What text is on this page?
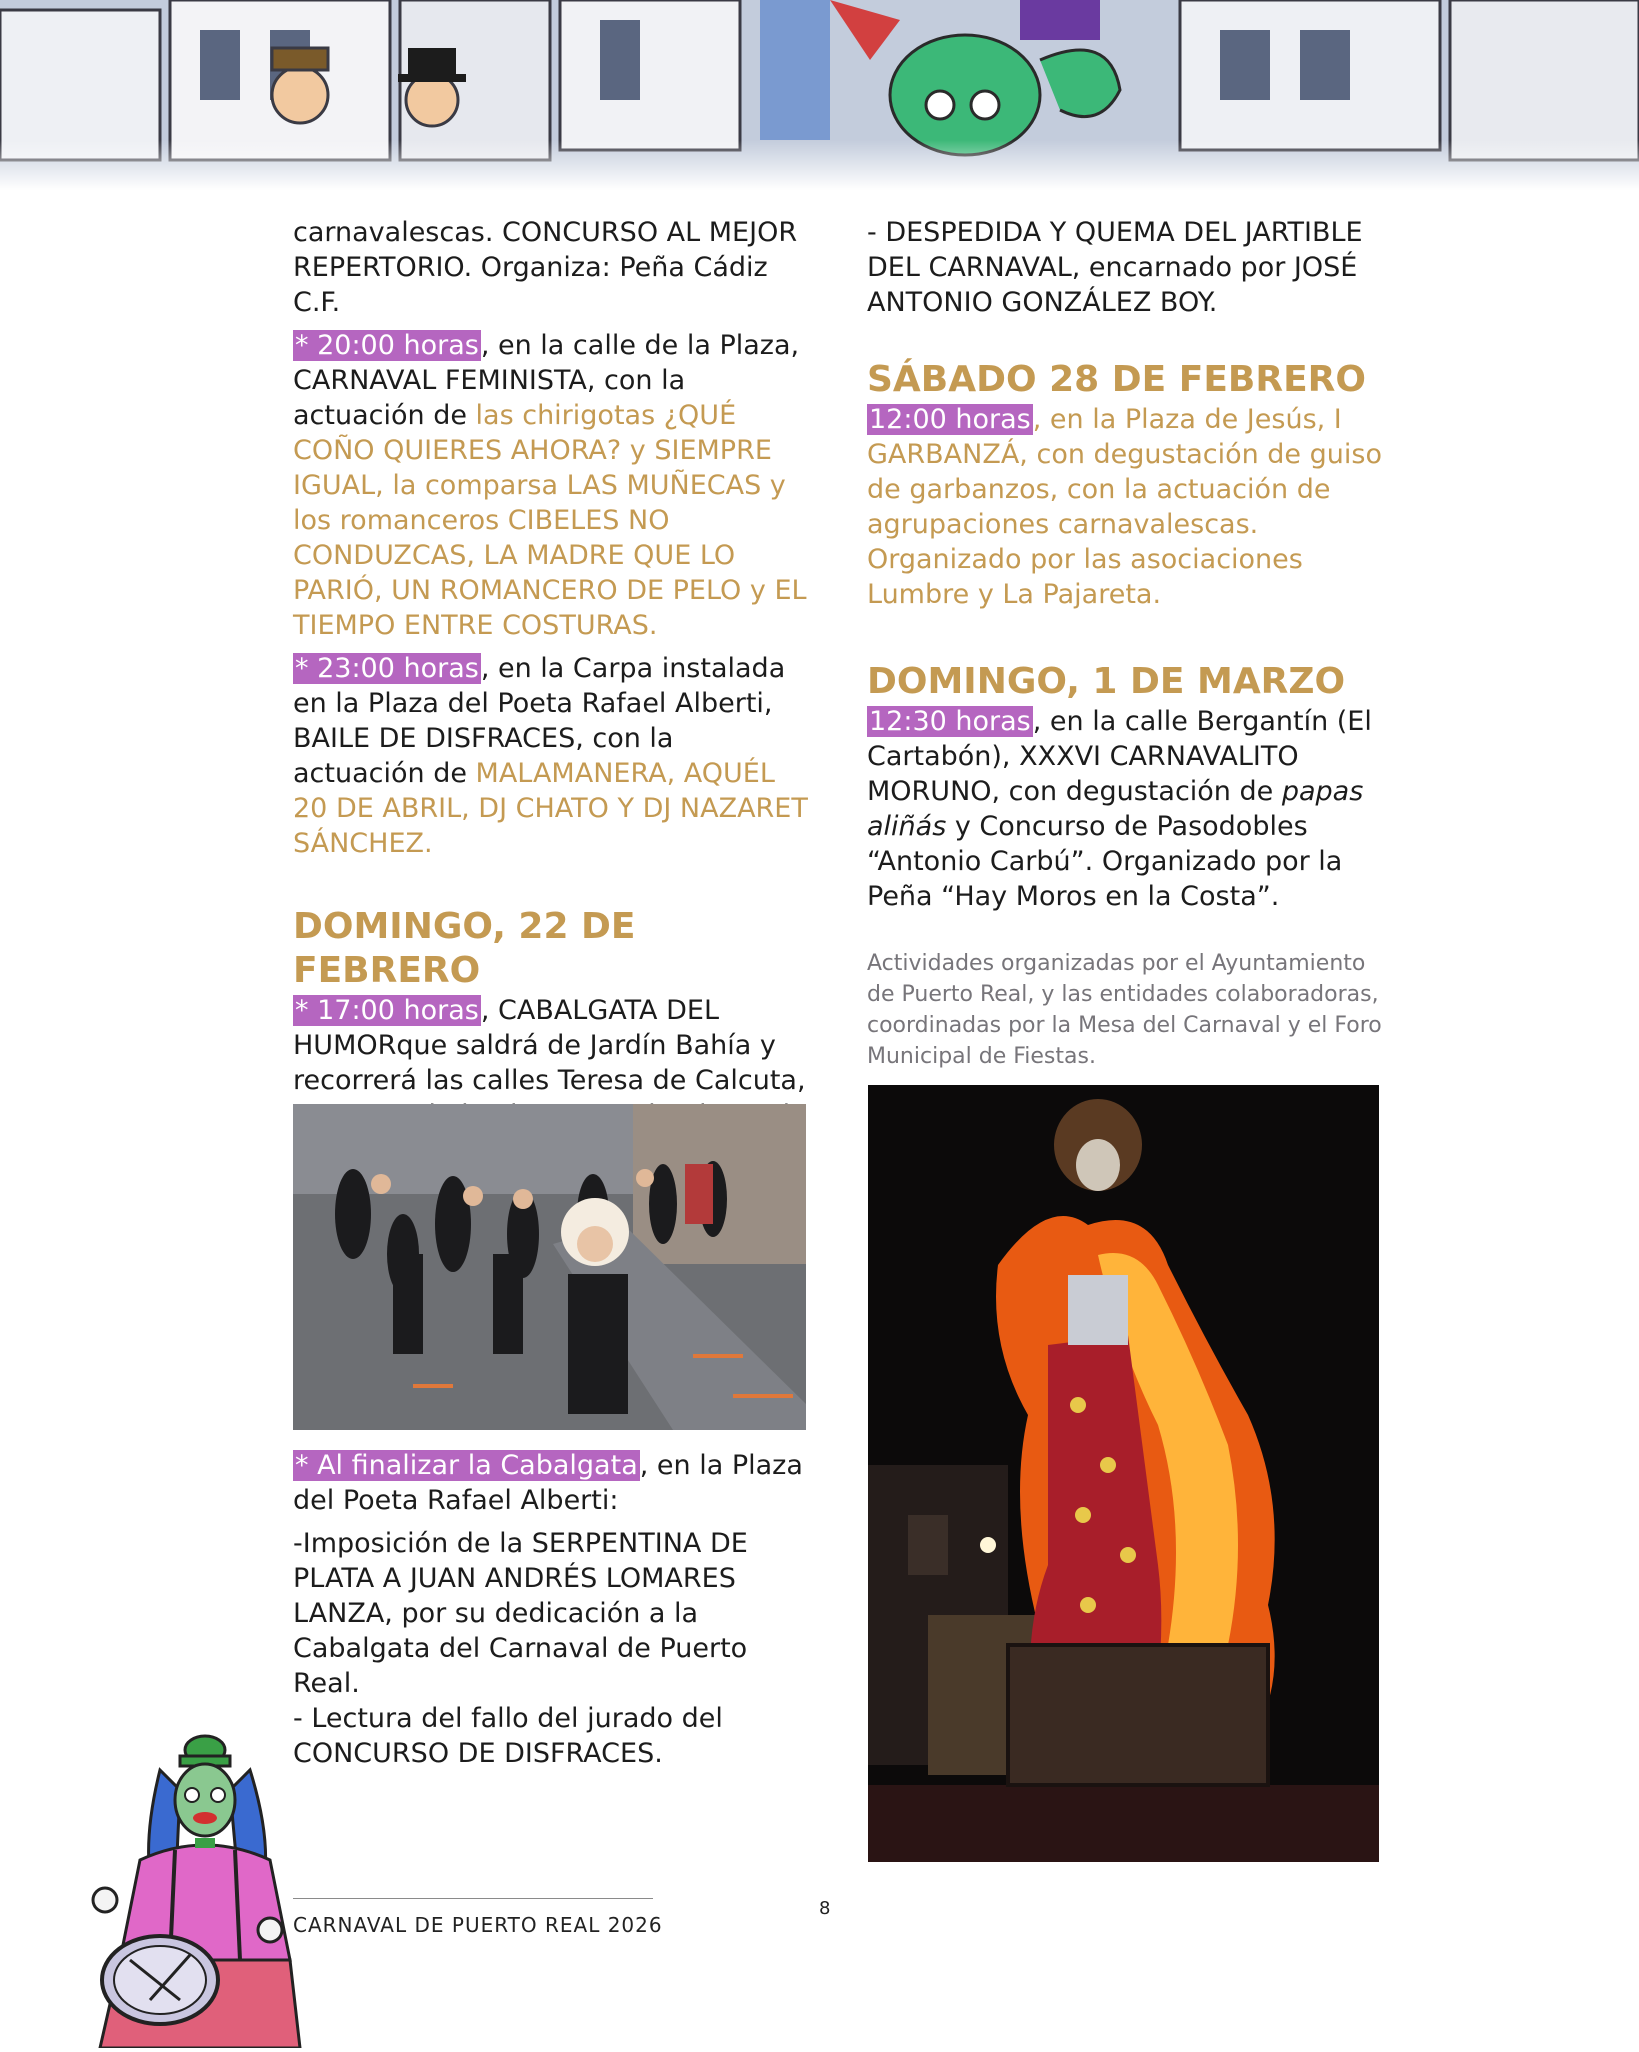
carnavalescas. CONCURSO AL MEJOR REPERTORIO. Organiza: Peña Cádiz C.F.

* 20:00 horas, en la calle de la Plaza, CARNAVAL FEMINISTA, con la actuación de las chirigotas ¿QUÉ COÑO QUIERES AHORA? y SIEMPRE IGUAL, la comparsa LAS MUÑECAS y los romanceros CIBELES NO CONDUZCAS, LA MADRE QUE LO PARIÓ, UN ROMANCERO DE PELO y EL TIEMPO ENTRE COSTURAS.

* 23:00 horas, en la Carpa instalada en la Plaza del Poeta Rafael Alberti, BAILE DE DISFRACES, con la actuación de MALAMANERA, AQUÉL 20 DE ABRIL, DJ CHATO Y DJ NAZARET SÁNCHEZ.

DOMINGO, 22 DE FEBRERO

* 17:00 horas, CABALGATA DEL HUMORque saldrá de Jardín Bahía y recorrerá las calles Teresa de Calcuta,

* Al finalizar la Cabalgata, en la Plaza del Poeta Rafael Alberti:

-Imposición de la SERPENTINA DE PLATA A JUAN ANDRÉS LOMARES LANZA, por su dedicación a la Cabalgata del Carnaval de Puerto Real.

- Lectura del fallo del jurado del CONCURSO DE DISFRACES.

- DESPEDIDA Y QUEMA DEL JARTIBLE DEL CARNAVAL, encarnado por JOSÉ ANTONIO GONZÁLEZ BOY.

SÁBADO 28 DE FEBRERO

12:00 horas, en la Plaza de Jesús, I GARBANZÁ, con degustación de guiso de garbanzos, con la actuación de agrupaciones carnavalescas. Organizado por las asociaciones Lumbre y La Pajareta.

DOMINGO, 1 DE MARZO

12:30 horas, en la calle Bergantín (El Cartabón), XXXVI CARNAVALITO MORUNO, con degustación de papas aliñás y Concurso de Pasodobles “Antonio Carbú”. Organizado por la Peña “Hay Moros en la Costa”.

Actividades organizadas por el Ayuntamiento de Puerto Real, y las entidades colaboradoras, coordinadas por la Mesa del Carnaval y el Foro Municipal de Fiestas.

CARNAVAL DE PUERTO REAL 2026
8
